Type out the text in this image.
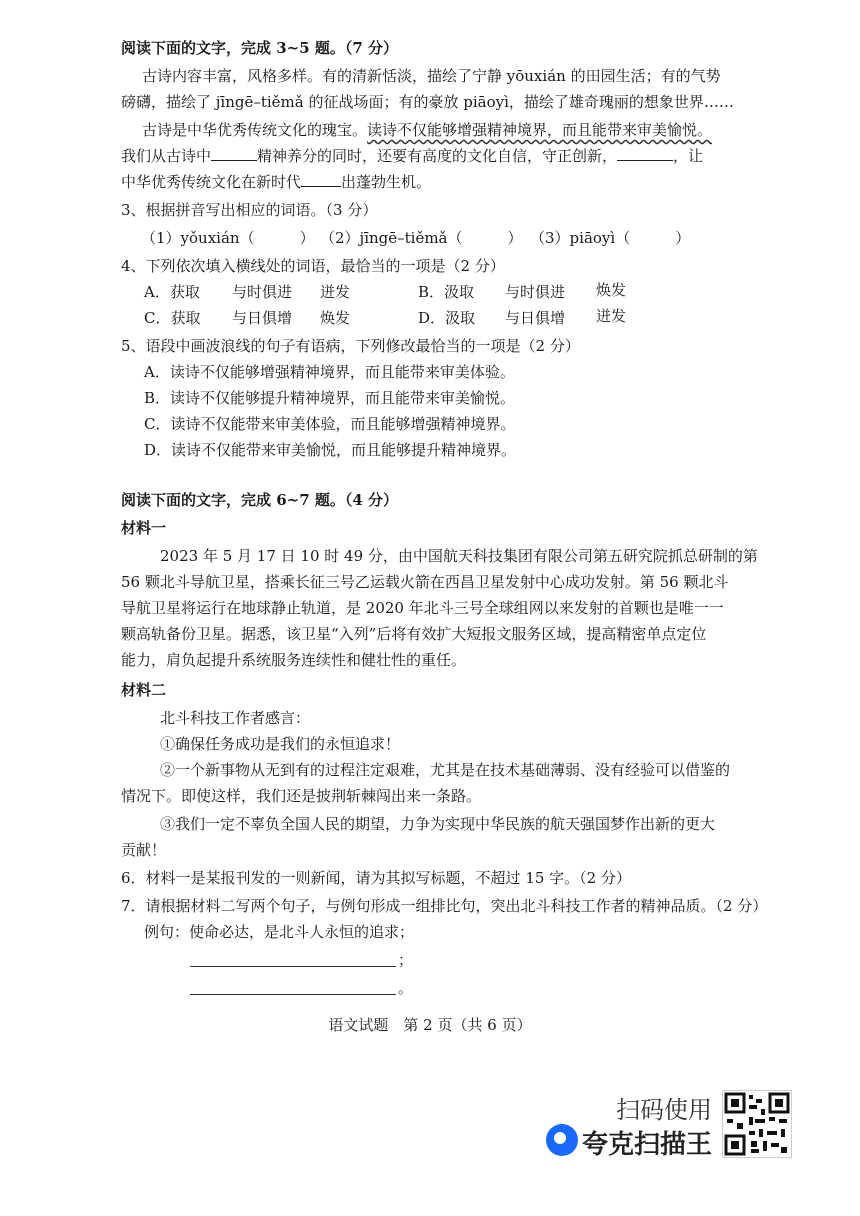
阅读下面的文字，完成 3~5 题。（7 分）
古诗内容丰富，风格多样。有的清新恬淡，描绘了宁静 yōuxián 的田园生活；有的气势
磅礴，描绘了 jīngē–tiěmǎ 的征战场面；有的豪放 piāoyì，描绘了雄奇瑰丽的想象世界……
古诗是中华优秀传统文化的瑰宝。读诗不仅能够增强精神境界，而且能带来审美愉悦。
我们从古诗中	精神养分的同时，还要有高度的文化自信，守正创新，	，让
中华优秀传统文化在新时代	出蓬勃生机。
3、根据拼音写出相应的词语。（3 分）
（1）yǒuxián（　　　） （2）jīngē–tiěmǎ（　　　） （3）piāoyì（　　　）
4、下列依次填入横线处的词语，最恰当的一项是（2 分）
A．获取 与时俱进 迸发	B．汲取 与时俱进 焕发
C．获取 与日俱增 焕发	D．汲取 与日俱增 迸发
5、语段中画波浪线的句子有语病，下列修改最恰当的一项是（2 分）
A．读诗不仅能够增强精神境界，而且能带来审美体验。
B．读诗不仅能够提升精神境界，而且能带来审美愉悦。
C．读诗不仅能带来审美体验，而且能够增强精神境界。
D．读诗不仅能带来审美愉悦，而且能够提升精神境界。
阅读下面的文字，完成 6~7 题。（4 分）
材料一
2023 年 5 月 17 日 10 时 49 分，由中国航天科技集团有限公司第五研究院抓总研制的第
56 颗北斗导航卫星，搭乘长征三号乙运载火箭在西昌卫星发射中心成功发射。第 56 颗北斗
导航卫星将运行在地球静止轨道，是 2020 年北斗三号全球组网以来发射的首颗也是唯一一
颗高轨备份卫星。据悉，该卫星“入列”后将有效扩大短报文服务区域，提高精密单点定位
能力，肩负起提升系统服务连续性和健壮性的重任。
材料二
北斗科技工作者感言：
①确保任务成功是我们的永恒追求！
②一个新事物从无到有的过程注定艰难，尤其是在技术基础薄弱、没有经验可以借鉴的
情况下。即使这样，我们还是披荆斩棘闯出来一条路。
③我们一定不辜负全国人民的期望，力争为实现中华民族的航天强国梦作出新的更大
贡献！
6．材料一是某报刊发的一则新闻，请为其拟写标题，不超过 15 字。（2 分）
7．请根据材料二写两个句子，与例句形成一组排比句，突出北斗科技工作者的精神品质。（2 分）
例句：使命必达，是北斗人永恒的追求；
；
。
语文试题　第 2 页（共 6 页）
扫码使用
夸克扫描王
